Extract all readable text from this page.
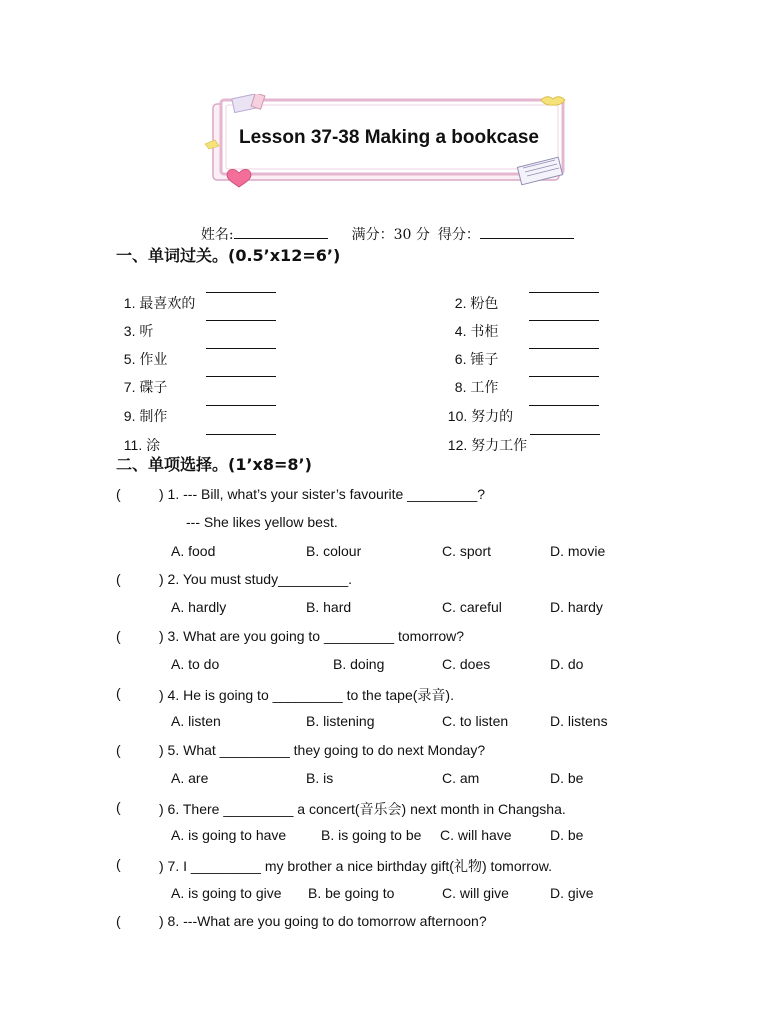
Lesson 37-38 Making a bookcase

姓名:	满分：30 分 得分：

一、单词过关。(0.5’x12=6’)

1. 最喜欢的

3. 听

5. 作业

7. 碟子

9. 制作

11. 涂

2. 粉色

4. 书柜

6. 锤子

8. 工作

10. 努力的

12. 努力工作

二、单项选择。(1’x8=8’)
(	) 1. --- Bill, what’s your sister’s favourite _________?
--- She likes yellow best.
A. food	B. colour	C. sport	D. movie
(	) 2. You must study_________.
A. hardly	B. hard	C. careful	D. hardy
(	) 3. What are you going to _________ tomorrow?
A. to do	B. doing	C. does	D. do
(	) 4. He is going to _________ to the tape(录音).
A. listen	B. listening	C. to listen	D. listens
(	) 5. What _________ they going to do next Monday?
A. are	B. is	C. am	D. be
(	) 6. There _________ a concert(音乐会) next month in Changsha.
A. is going to have B. is going to be C. will have	D. be
(	) 7. I _________ my brother a nice birthday gift(礼物) tomorrow.
A. is going to give B. be going to	C. will give	D. give
(	) 8. ---What are you going to do tomorrow afternoon?
